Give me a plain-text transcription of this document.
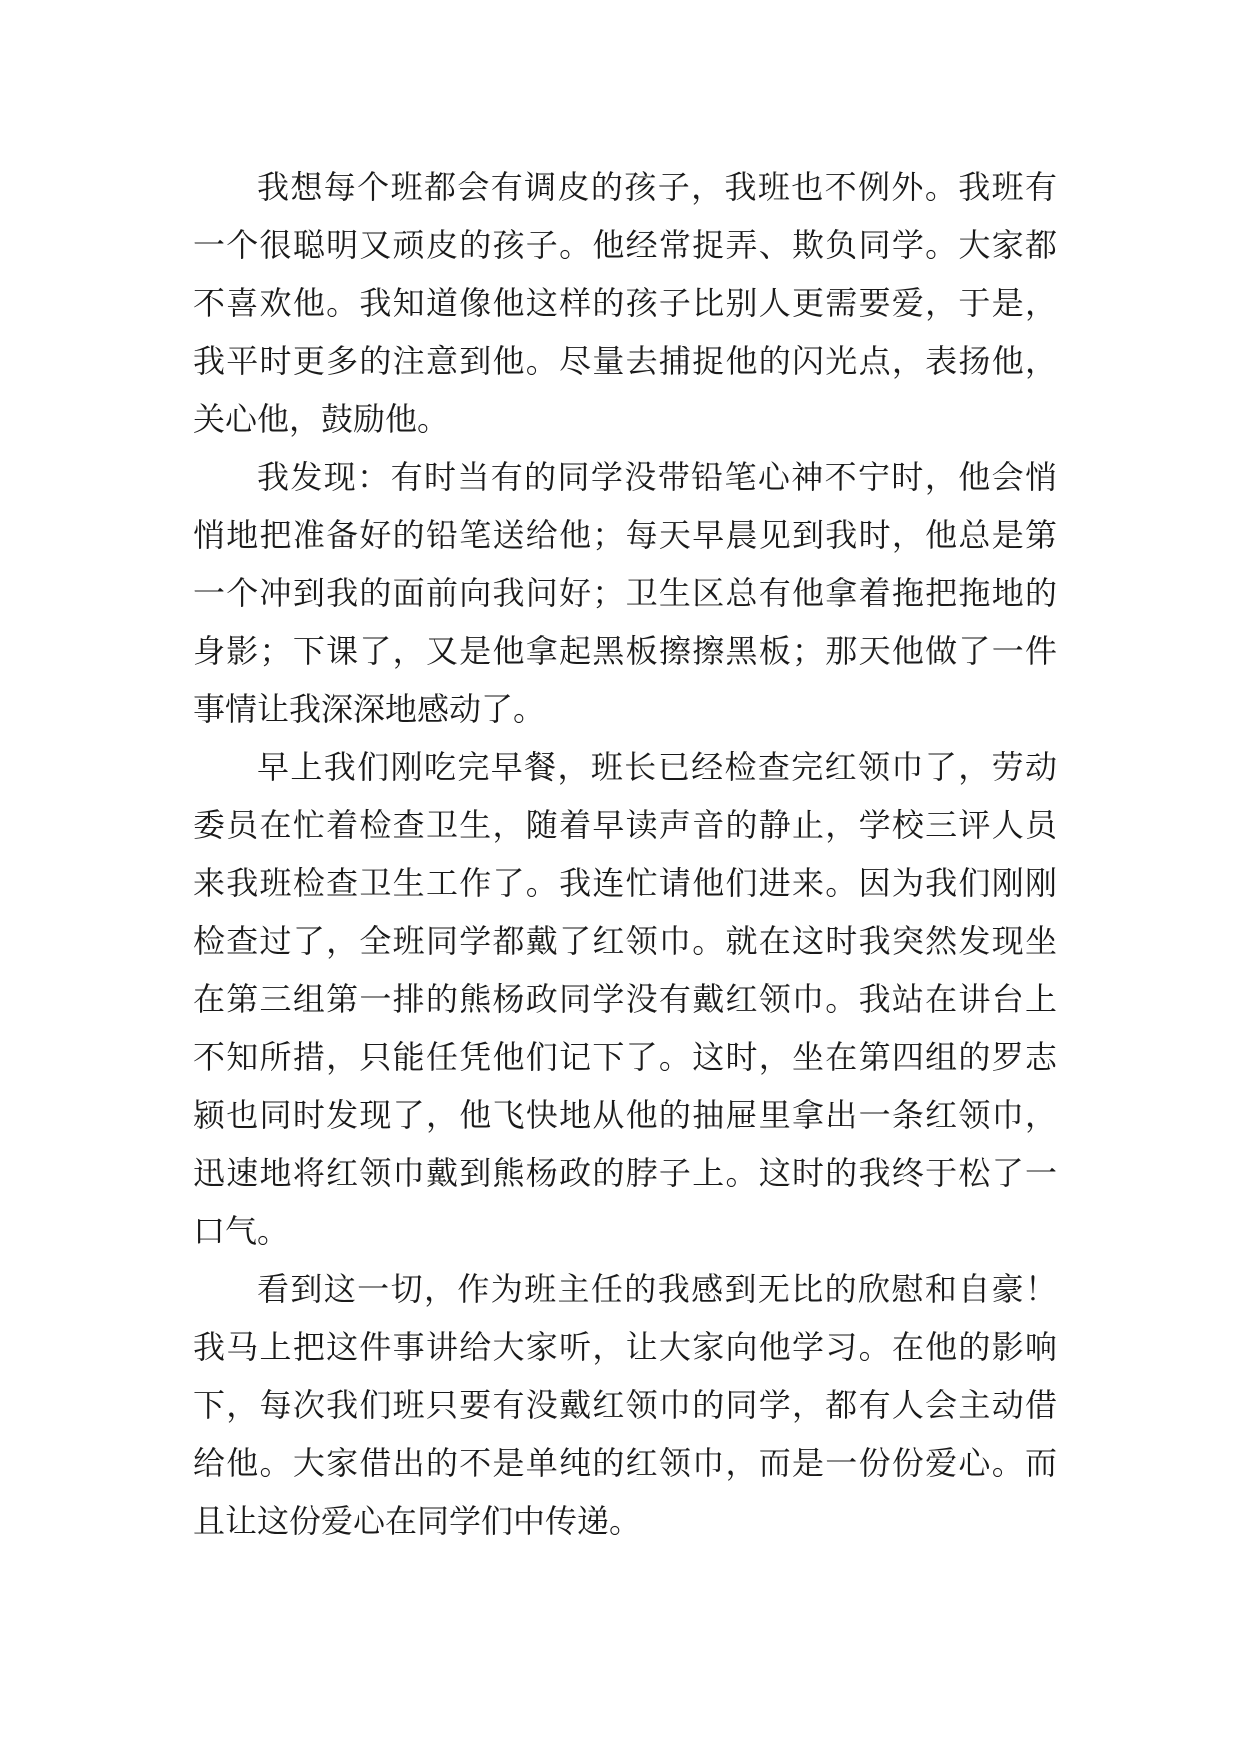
我想每个班都会有调皮的孩子，我班也不例外。我班有
一个很聪明又顽皮的孩子。他经常捉弄、欺负同学。大家都
不喜欢他。我知道像他这样的孩子比别人更需要爱，于是，
我平时更多的注意到他。尽量去捕捉他的闪光点，表扬他，
关心他，鼓励他。
我发现：有时当有的同学没带铅笔心神不宁时，他会悄
悄地把准备好的铅笔送给他；每天早晨见到我时，他总是第
一个冲到我的面前向我问好；卫生区总有他拿着拖把拖地的
身影；下课了，又是他拿起黑板擦擦黑板；那天他做了一件
事情让我深深地感动了。
早上我们刚吃完早餐，班长已经检查完红领巾了，劳动
委员在忙着检查卫生，随着早读声音的静止，学校三评人员
来我班检查卫生工作了。我连忙请他们进来。因为我们刚刚
检查过了，全班同学都戴了红领巾。就在这时我突然发现坐
在第三组第一排的熊杨政同学没有戴红领巾。我站在讲台上
不知所措，只能任凭他们记下了。这时，坐在第四组的罗志
颍也同时发现了，他飞快地从他的抽屉里拿出一条红领巾，
迅速地将红领巾戴到熊杨政的脖子上。这时的我终于松了一
口气。
看到这一切，作为班主任的我感到无比的欣慰和自豪！
我马上把这件事讲给大家听，让大家向他学习。在他的影响
下，每次我们班只要有没戴红领巾的同学，都有人会主动借
给他。大家借出的不是单纯的红领巾，而是一份份爱心。而
且让这份爱心在同学们中传递。
